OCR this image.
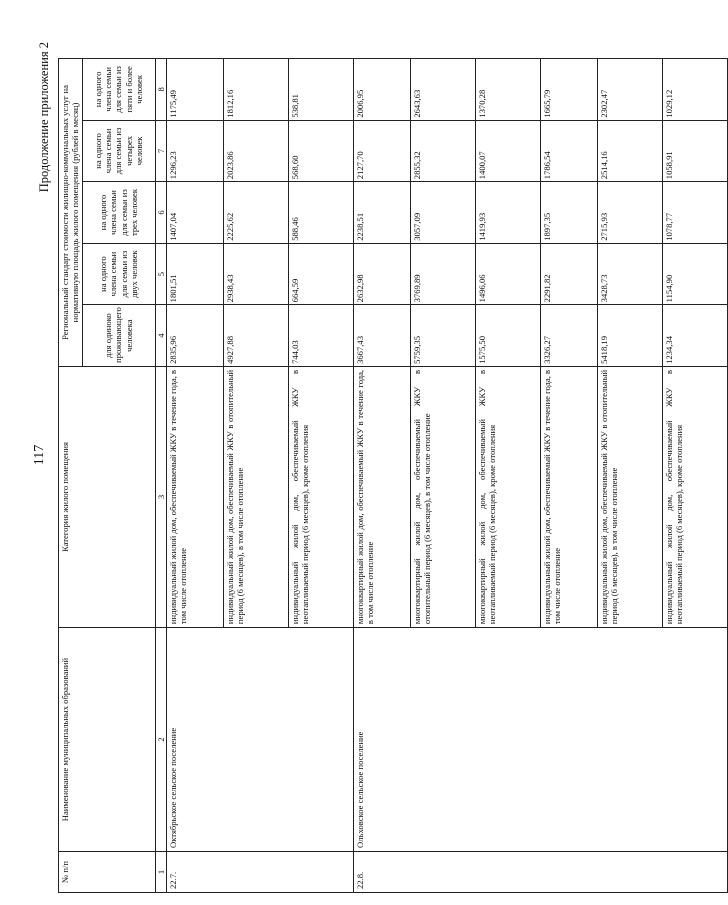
117
Продолжение приложения 2
№ п/п	Наименование муниципальных образований	Категория жилого помещения	Региональный стандарт стоимости жилищно-коммунальных услуг на нормативную площадь жилого помещения (рублей в месяц)				
			для одиноко проживающего человека	на одного члена семьи для семьи из двух человек	на одного члена семьи для семьи из трех человек	на одного члена семьи для семьи из четырех человек	на одного члена семьи для семьи из пяти и более человек
1	2	3	4	5	6	7	8
22.7.	Октябрьское сельское поселение	индивидуальный жилой дом, обеспечиваемый ЖКУ в течение года, в том числе отопление	2835,96	1801,51	1407,04	1296,23	1175,49
		индивидуальный жилой дом, обеспечиваемый ЖКУ в отопительный период (6 месяцев), в том числе отопление	4927,88	2938,43	2225,62	2023,86	1812,16
		индивидуальный жилой дом, обеспечиваемый ЖКУ в неотапливаемый период (6 месяцев), кроме отопления	744,03	664,59	588,46	568,60	538,81
22.8.	Ольховское сельское поселение	многоквартирный жилой дом, обеспечиваемый ЖКУ в течение года, в том числе отопление	3667,43	2632,98	2238,51	2127,70	2006,95
		многоквартирный жилой дом, обеспечиваемый ЖКУ в отопительный период (6 месяцев), в том числе отопление	5759,35	3769,89	3057,09	2855,32	2643,63
		многоквартирный жилой дом, обеспечиваемый ЖКУ в неотапливаемый период (6 месяцев), кроме отопления	1575,50	1496,06	1419,93	1400,07	1370,28
		индивидуальный жилой дом, обеспечиваемый ЖКУ в течение года, в том числе отопление	3326,27	2291,82	1897,35	1786,54	1665,79
		индивидуальный жилой дом, обеспечиваемый ЖКУ в отопительный период (6 месяцев), в том числе отопление	5418,19	3428,73	2715,93	2514,16	2302,47
		индивидуальный жилой дом, обеспечиваемый ЖКУ в неотапливаемый период (6 месяцев), кроме отопления	1234,34	1154,90	1078,77	1058,91	1029,12
